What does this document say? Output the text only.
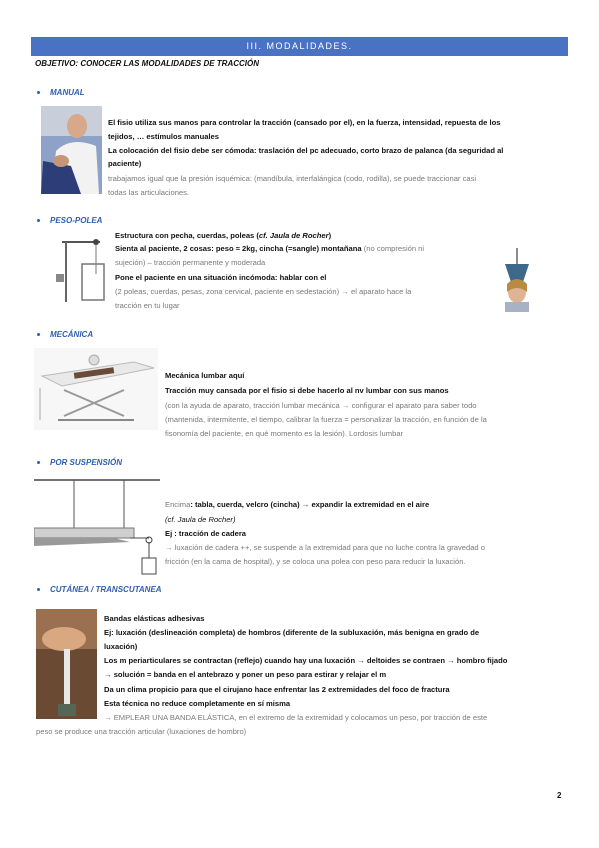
III. MODALIDADES.
OBJETIVO: CONOCER LAS MODALIDADES DE TRACCIÓN
MANUAL
El fisio utiliza sus manos para controlar la tracción (cansado por el), en la fuerza, intensidad, repuesta de los
tejidos, … estímulos manuales
La colocación del fisio debe ser cómoda: traslación del pc adecuado, corto brazo de palanca (da seguridad al
paciente)
trabajamos igual que la presión isquémica: (mandíbula, interfalángica (codo, rodilla), se puede traccionar casi
todas las articulaciones.
PESO-POLEA
Estructura con pecha, cuerdas, poleas (cf. Jaula de Rocher)
Sienta al paciente, 2 cosas: peso ≈ 2kg, cincha (=sangle) montañana (no compresión ni
sujeción) – tracción permanente y moderada
Pone el paciente en una situación incómoda: hablar con el
(2 poleas, cuerdas, pesas, zona cervical, paciente en sedestación) → el aparato hace la
tracción en tu lugar
MECÁNICA
Mecánica lumbar aquí
Tracción muy cansada por el fisio si debe hacerlo al nv lumbar con sus manos
(con la ayuda de aparato, tracción lumbar mecánica → configurar el aparato para saber todo
(mantenida, intermitente, el tiempo, calibrar la fuerza = personalizar la tracción, en función de la
fisonomía del paciente, en qué momento es la lesión). Lordosis lumbar
POR SUSPENSIÓN
Encima: tabla, cuerda, velcro (cincha) → expandir la extremidad en el aire
(cf. Jaula de Rocher)
Ej : tracción de cadera
→ luxación de cadera ++, se suspende a la extremidad para que no luche contra la gravedad o
fricción (en la cama de hospital), y se coloca una polea con peso para reducir la luxación.
CUTÁNEA / TRANSCUTANEA
Bandas elásticas adhesivas
Ej: luxación (deslineación completa) de hombros (diferente de la subluxación, más benigna en grado de
luxación)
Los m periarticulares se contractan (reflejo) cuando hay una luxación → deltoides se contraen → hombro fijado
→ solución = banda en el antebrazo y poner un peso para estirar y relajar el m
Da un clima propicio para que el cirujano hace enfrentar las 2 extremidades del foco de fractura
Esta técnica no reduce completamente en sí misma
→ EMPLEAR UNA BANDA ELÁSTICA, en el extremo de la extremidad y colocamos un peso, por tracción de este
peso se produce una tracción articular (luxaciones de hombro)
2
